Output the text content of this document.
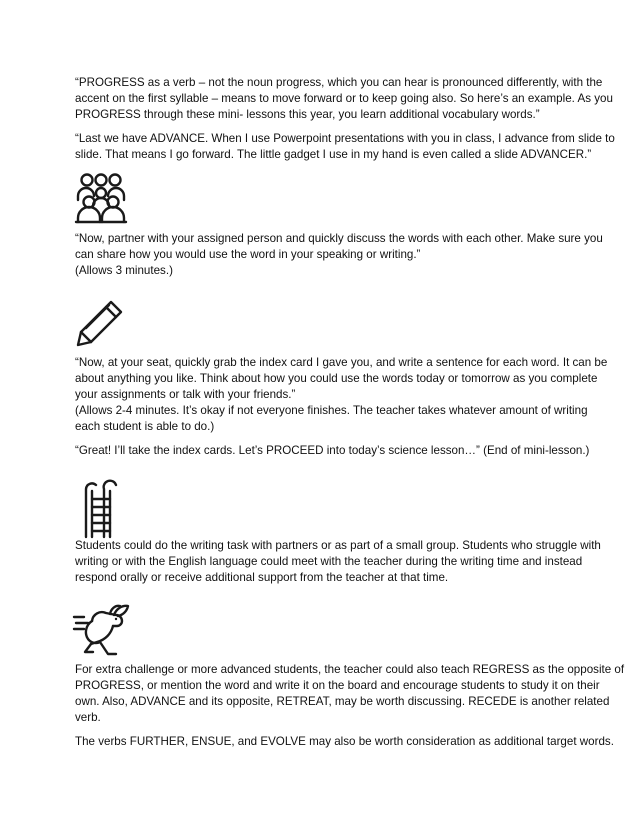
“PROGRESS as a verb – not the noun progress, which you can hear is pronounced differently, with the
accent on the first syllable – means to move forward or to keep going also. So here’s an example. As you
PROGRESS through these mini- lessons this year, you learn additional vocabulary words.”

“Last we have ADVANCE. When I use Powerpoint presentations with you in class, I advance from slide to
slide. That means I go forward. The little gadget I use in my hand is even called a slide ADVANCER.”

“Now, partner with your assigned person and quickly discuss the words with each other. Make sure you
can share how you would use the word in your speaking or writing.”
(Allows 3 minutes.)

“Now, at your seat, quickly grab the index card I gave you, and write a sentence for each word. It can be
about anything you like. Think about how you could use the words today or tomorrow as you complete
your assignments or talk with your friends.”
(Allows 2-4 minutes. It’s okay if not everyone finishes. The teacher takes whatever amount of writing
each student is able to do.)

“Great! I’ll take the index cards. Let’s PROCEED into today’s science lesson…” (End of mini-lesson.)

Students could do the writing task with partners or as part of a small group. Students who struggle with
writing or with the English language could meet with the teacher during the writing time and instead
respond orally or receive additional support from the teacher at that time.

For extra challenge or more advanced students, the teacher could also teach REGRESS as the opposite of
PROGRESS, or mention the word and write it on the board and encourage students to study it on their
own. Also, ADVANCE and its opposite, RETREAT, may be worth discussing. RECEDE is another related
verb.

The verbs FURTHER, ENSUE, and EVOLVE may also be worth consideration as additional target words.
